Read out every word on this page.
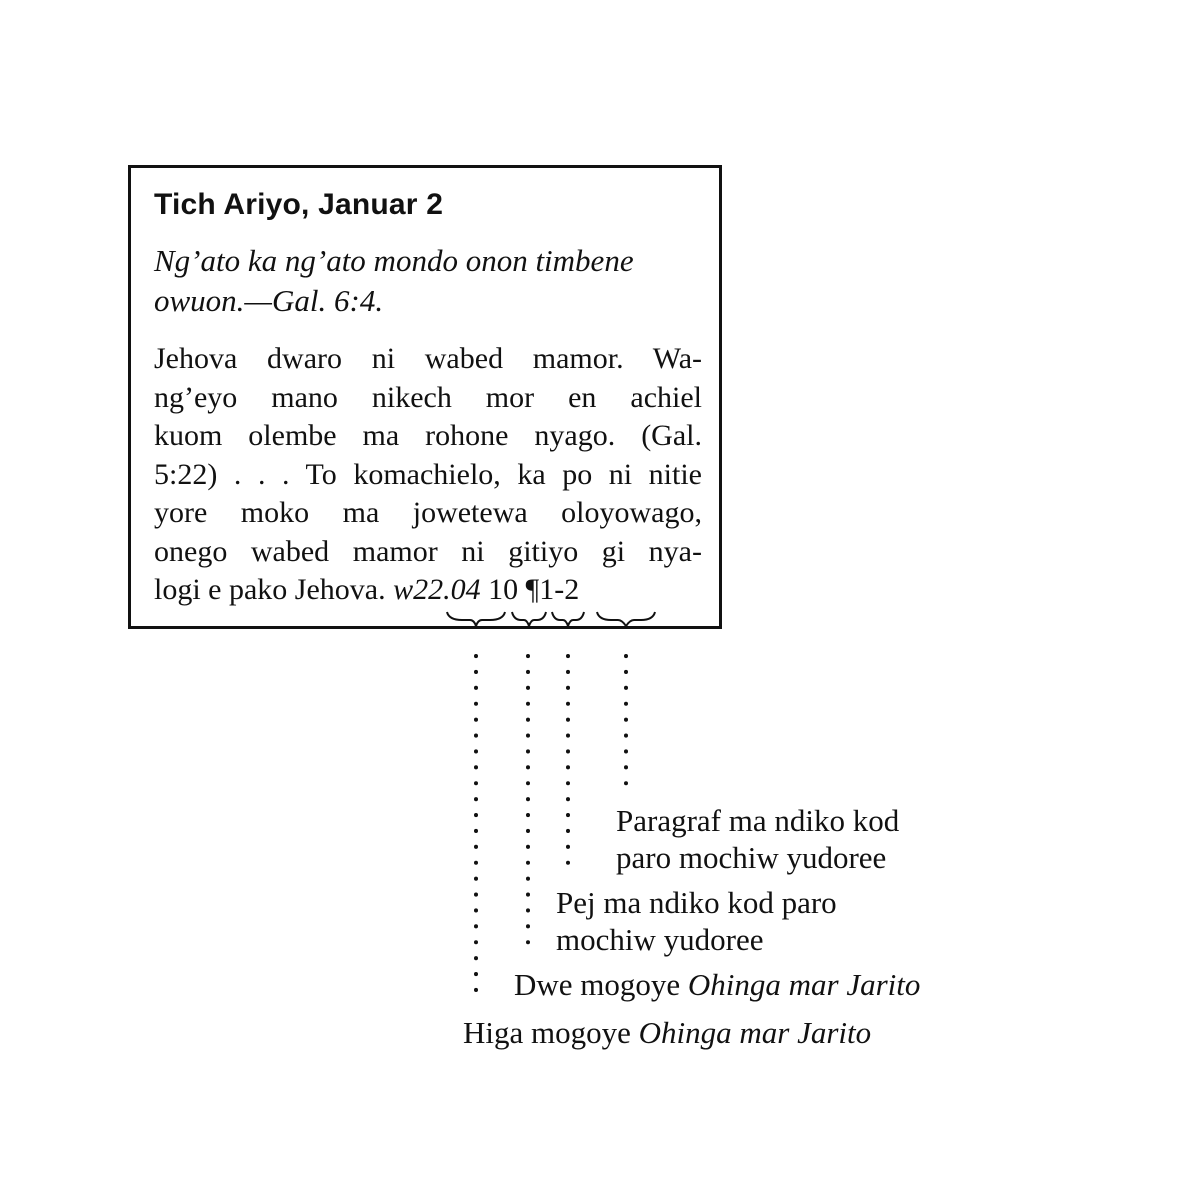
Tich Ariyo, Januar 2
Ng’ato ka ng’ato mondo onon timbene
owuon.—Gal. 6:4.
Jehova dwaro ni wabed mamor. Wa-
ng’eyo mano nikech mor en achiel
kuom olembe ma rohone nyago. (Gal.
5:22) . . . To komachielo, ka po ni nitie
yore moko ma jowetewa oloyowago,
onego wabed mamor ni gitiyo gi nya-
logi e pako Jehova. w22.04 10 ¶1-2
Paragraf ma ndiko kod
paro mochiw yudoree
Pej ma ndiko kod paro
mochiw yudoree
Dwe mogoye Ohinga mar Jarito
Higa mogoye Ohinga mar Jarito
